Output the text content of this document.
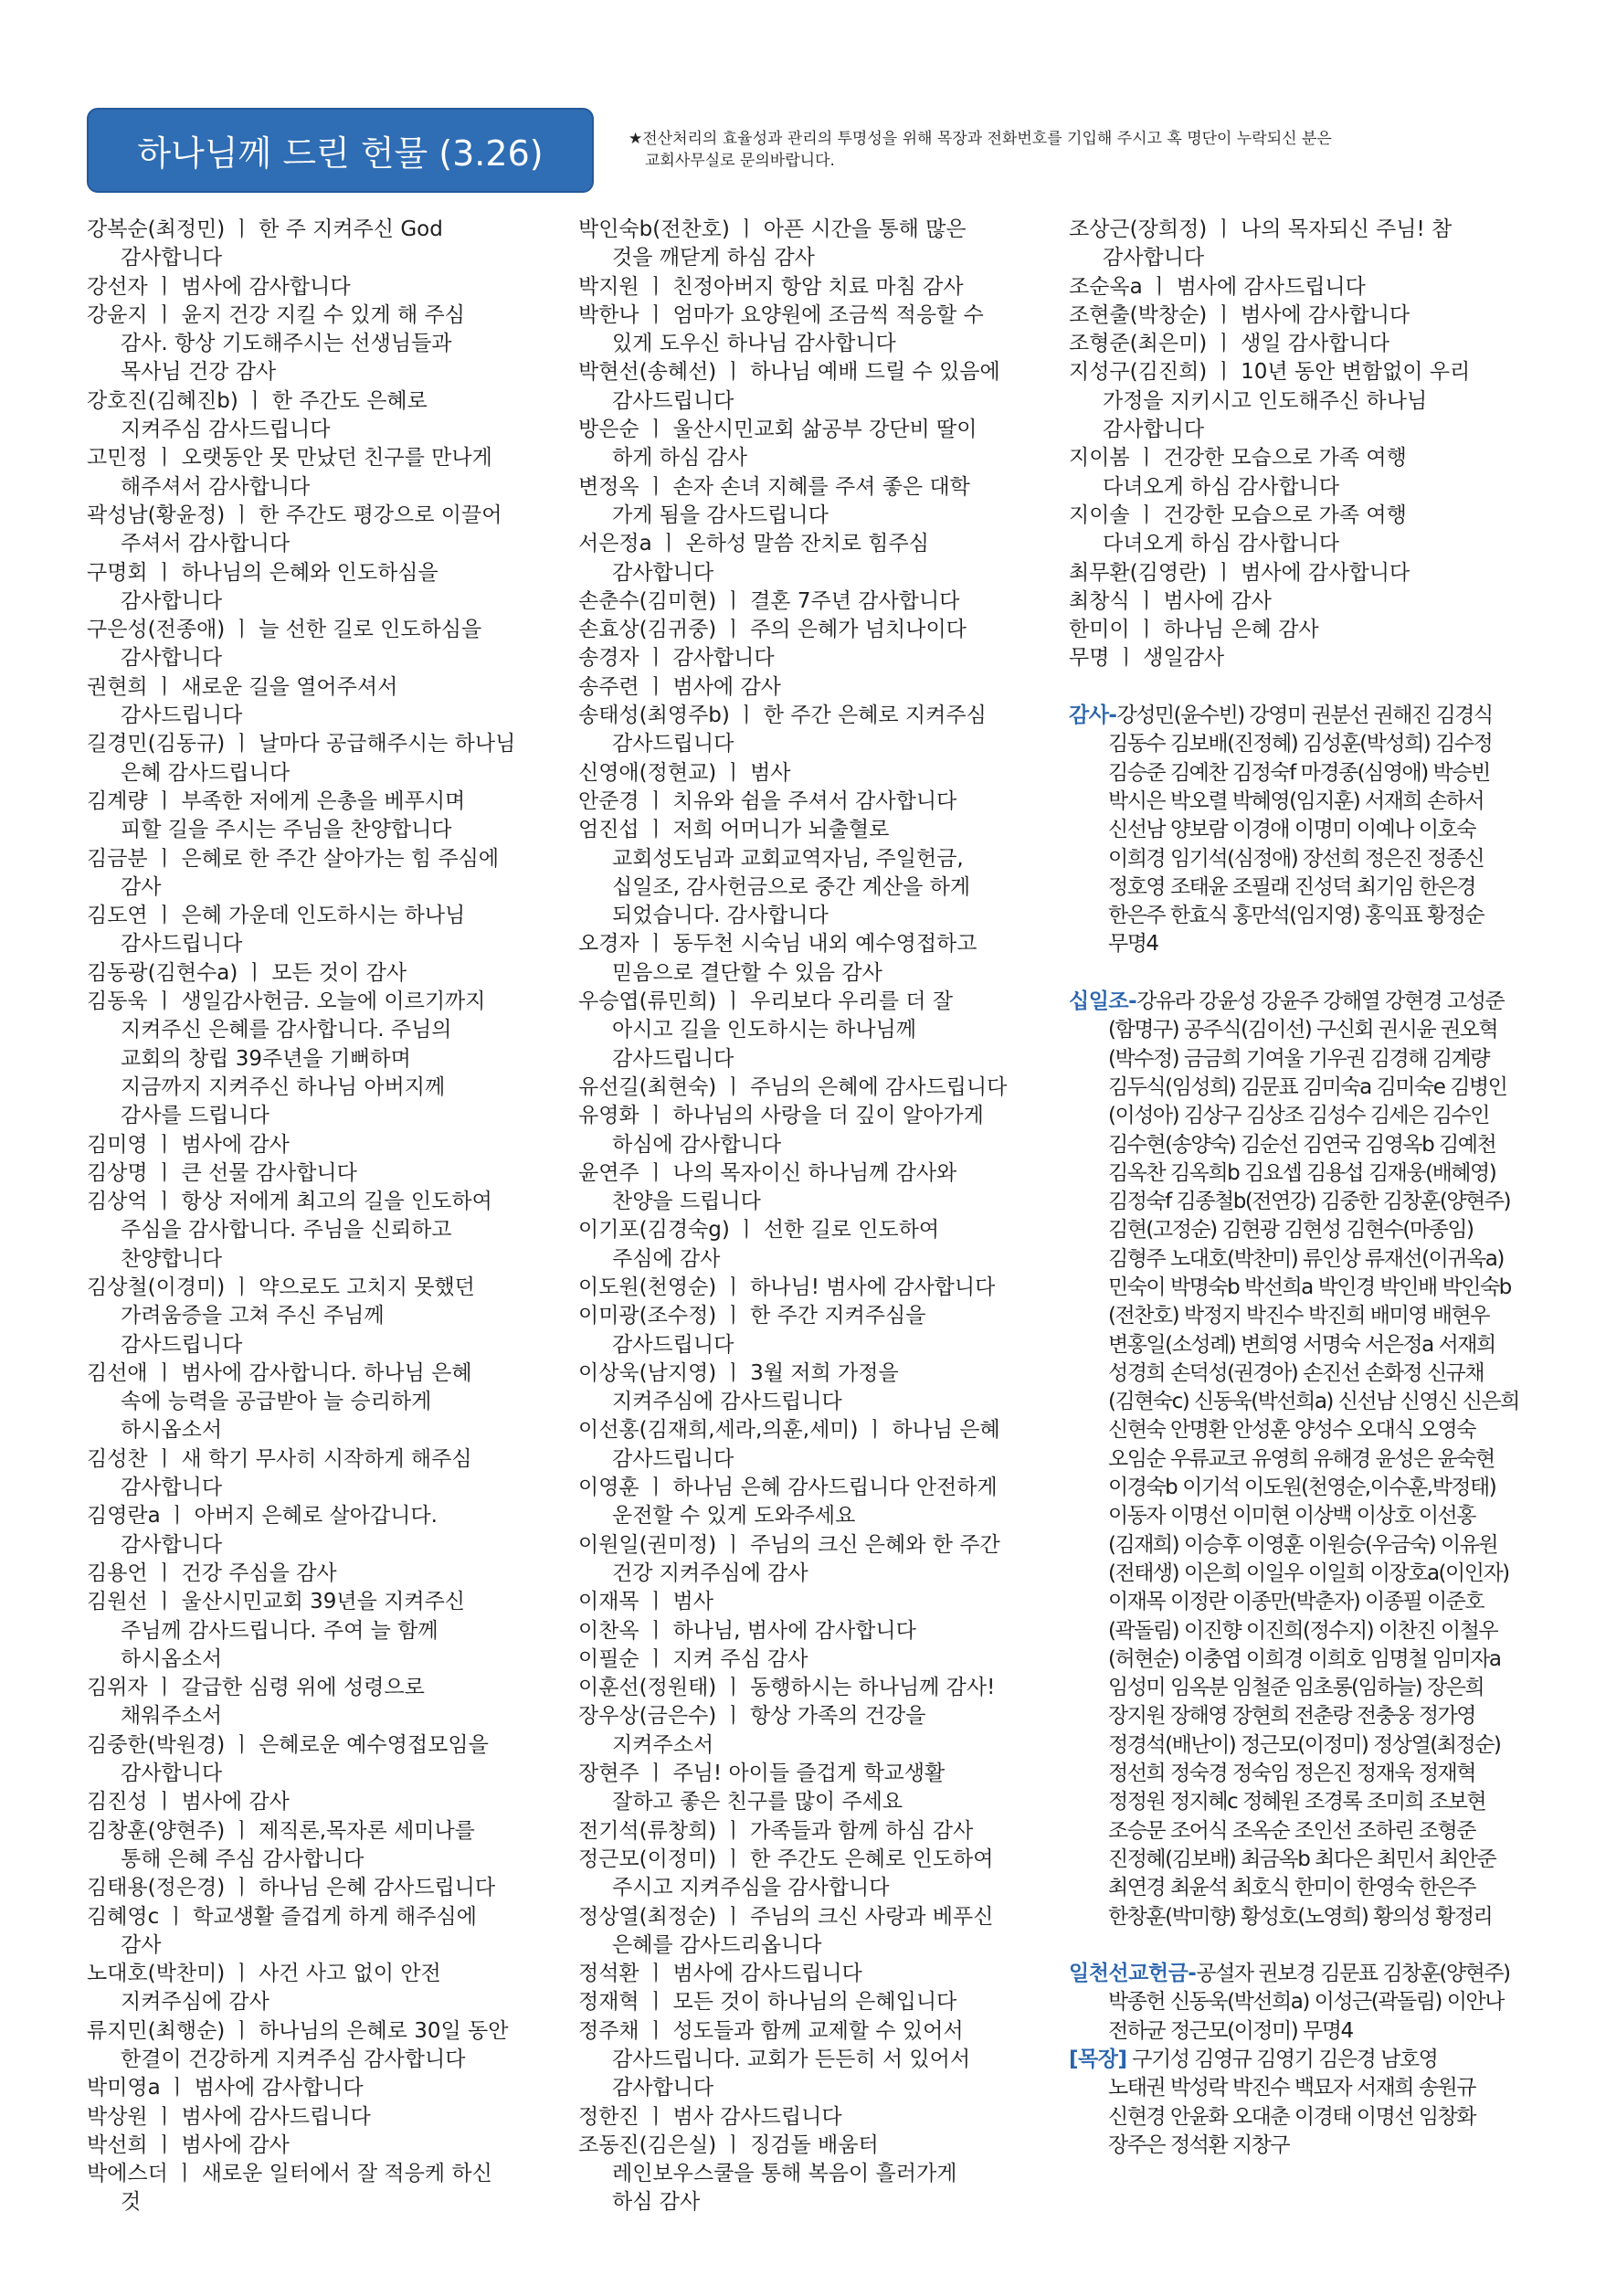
하나님께 드린 헌물 (3.26)	★전산처리의 효율성과 관리의 투명성을 위해 목장과 전화번호를 기입해 주시고 혹 명단이 누락되신 분은
교회사무실로 문의바랍니다.
강복순(최정민) ㅣ 한 주 지켜주신 God
감사합니다
강선자 ㅣ 범사에 감사합니다
강윤지 ㅣ 윤지 건강 지킬 수 있게 해 주심
감사. 항상 기도해주시는 선생님들과
목사님 건강 감사
강호진(김혜진b) ㅣ 한 주간도 은혜로
지켜주심 감사드립니다
고민정 ㅣ 오랫동안 못 만났던 친구를 만나게
해주셔서 감사합니다
곽성남(황윤정) ㅣ 한 주간도 평강으로 이끌어
주셔서 감사합니다
구명회 ㅣ 하나님의 은혜와 인도하심을
감사합니다
구은성(전종애) ㅣ 늘 선한 길로 인도하심을
감사합니다
권현희 ㅣ 새로운 길을 열어주셔서
감사드립니다
길경민(김동규) ㅣ 날마다 공급해주시는 하나님
은혜 감사드립니다
김계량 ㅣ 부족한 저에게 은총을 베푸시며
피할 길을 주시는 주님을 찬양합니다
김금분 ㅣ 은혜로 한 주간 살아가는 힘 주심에
감사
김도연 ㅣ 은혜 가운데 인도하시는 하나님
감사드립니다
김동광(김현수a) ㅣ 모든 것이 감사
김동욱 ㅣ 생일감사헌금. 오늘에 이르기까지
지켜주신 은혜를 감사합니다. 주님의
교회의 창립 39주년을 기뻐하며
지금까지 지켜주신 하나님 아버지께
감사를 드립니다
김미영 ㅣ 범사에 감사
김상명 ㅣ 큰 선물 감사합니다
김상억 ㅣ 항상 저에게 최고의 길을 인도하여
주심을 감사합니다. 주님을 신뢰하고
찬양합니다
김상철(이경미) ㅣ 약으로도 고치지 못했던
가려움증을 고쳐 주신 주님께
감사드립니다
김선애 ㅣ 범사에 감사합니다. 하나님 은혜
속에 능력을 공급받아 늘 승리하게
하시옵소서
김성찬 ㅣ 새 학기 무사히 시작하게 해주심
감사합니다
김영란a ㅣ 아버지 은혜로 살아갑니다.
감사합니다
김용언 ㅣ 건강 주심을 감사
김원선 ㅣ 울산시민교회 39년을 지켜주신
주님께 감사드립니다. 주여 늘 함께
하시옵소서
김위자 ㅣ 갈급한 심령 위에 성령으로
채워주소서
김중한(박원경) ㅣ 은혜로운 예수영접모임을
감사합니다
김진성 ㅣ 범사에 감사
김창훈(양현주) ㅣ 제직론,목자론 세미나를
통해 은혜 주심 감사합니다
김태용(정은경) ㅣ 하나님 은혜 감사드립니다
김혜영c ㅣ 학교생활 즐겁게 하게 해주심에
감사
노대호(박찬미) ㅣ 사건 사고 없이 안전
지켜주심에 감사
류지민(최행순) ㅣ 하나님의 은혜로 30일 동안
한결이 건강하게 지켜주심 감사합니다
박미영a ㅣ 범사에 감사합니다
박상원 ㅣ 범사에 감사드립니다
박선희 ㅣ 범사에 감사
박에스더 ㅣ 새로운 일터에서 잘 적응케 하신
것
박인숙b(전찬호) ㅣ 아픈 시간을 통해 많은
것을 깨닫게 하심 감사
박지원 ㅣ 친정아버지 항암 치료 마침 감사
박한나 ㅣ 엄마가 요양원에 조금씩 적응할 수
있게 도우신 하나님 감사합니다
박현선(송혜선) ㅣ 하나님 예배 드릴 수 있음에
감사드립니다
방은순 ㅣ 울산시민교회 삶공부 강단비 딸이
하게 하심 감사
변정옥 ㅣ 손자 손녀 지혜를 주셔 좋은 대학
가게 됨을 감사드립니다
서은정a ㅣ 온하성 말씀 잔치로 힘주심
감사합니다
손춘수(김미현) ㅣ 결혼 7주년 감사합니다
손효상(김귀중) ㅣ 주의 은혜가 넘치나이다
송경자 ㅣ 감사합니다
송주련 ㅣ 범사에 감사
송태성(최영주b) ㅣ 한 주간 은혜로 지켜주심
감사드립니다
신영애(정현교) ㅣ 범사
안준경 ㅣ 치유와 쉼을 주셔서 감사합니다
엄진섭 ㅣ 저희 어머니가 뇌출혈로
교회성도님과 교회교역자님, 주일헌금,
십일조, 감사헌금으로 중간 계산을 하게
되었습니다. 감사합니다
오경자 ㅣ 동두천 시숙님 내외 예수영접하고
믿음으로 결단할 수 있음 감사
우승엽(류민희) ㅣ 우리보다 우리를 더 잘
아시고 길을 인도하시는 하나님께
감사드립니다
유선길(최현숙) ㅣ 주님의 은혜에 감사드립니다
유영화 ㅣ 하나님의 사랑을 더 깊이 알아가게
하심에 감사합니다
윤연주 ㅣ 나의 목자이신 하나님께 감사와
찬양을 드립니다
이기포(김경숙g) ㅣ 선한 길로 인도하여
주심에 감사
이도원(천영순) ㅣ 하나님! 범사에 감사합니다
이미광(조수정) ㅣ 한 주간 지켜주심을
감사드립니다
이상욱(남지영) ㅣ 3월 저희 가정을
지켜주심에 감사드립니다
이선홍(김재희,세라,의훈,세미) ㅣ 하나님 은혜
감사드립니다
이영훈 ㅣ 하나님 은혜 감사드립니다 안전하게
운전할 수 있게 도와주세요
이원일(권미정) ㅣ 주님의 크신 은혜와 한 주간
건강 지켜주심에 감사
이재목 ㅣ 범사
이찬옥 ㅣ 하나님, 범사에 감사합니다
이필순 ㅣ 지켜 주심 감사
이훈선(정원태) ㅣ 동행하시는 하나님께 감사!
장우상(금은수) ㅣ 항상 가족의 건강을
지켜주소서
장현주 ㅣ 주님! 아이들 즐겁게 학교생활
잘하고 좋은 친구를 많이 주세요
전기석(류창희) ㅣ 가족들과 함께 하심 감사
정근모(이정미) ㅣ 한 주간도 은혜로 인도하여
주시고 지켜주심을 감사합니다
정상열(최정순) ㅣ 주님의 크신 사랑과 베푸신
은혜를 감사드리옵니다
정석환 ㅣ 범사에 감사드립니다
정재혁 ㅣ 모든 것이 하나님의 은혜입니다
정주채 ㅣ 성도들과 함께 교제할 수 있어서
감사드립니다. 교회가 든든히 서 있어서
감사합니다
정한진 ㅣ 범사 감사드립니다
조동진(김은실) ㅣ 징검돌 배움터
레인보우스쿨을 통해 복음이 흘러가게
하심 감사
조상근(장희정) ㅣ 나의 목자되신 주님! 참
감사합니다
조순옥a ㅣ 범사에 감사드립니다
조현출(박창순) ㅣ 범사에 감사합니다
조형준(최은미) ㅣ 생일 감사합니다
지성구(김진희) ㅣ 10년 동안 변함없이 우리
가정을 지키시고 인도해주신 하나님
감사합니다
지이봄 ㅣ 건강한 모습으로 가족 여행
다녀오게 하심 감사합니다
지이솔 ㅣ 건강한 모습으로 가족 여행
다녀오게 하심 감사합니다
최무환(김영란) ㅣ 범사에 감사합니다
최창식 ㅣ 범사에 감사
한미이 ㅣ 하나님 은혜 감사
무명 ㅣ 생일감사
감사-강성민(윤수빈) 강영미 권분선 권해진 김경식
김동수 김보배(진정혜) 김성훈(박성희) 김수정
김승준 김예찬 김정숙f 마경종(심영애) 박승빈
박시은 박오렬 박혜영(임지훈) 서재희 손하서
신선남 양보람 이경애 이명미 이예나 이호숙
이희경 임기석(심정애) 장선희 정은진 정종신
정호영 조태윤 조필래 진성덕 최기임 한은경
한은주 한효식 홍만석(임지영) 홍익표 황정순
무명4
십일조-강유라 강윤성 강윤주 강해열 강현경 고성준
(함명구) 공주식(김이선) 구신회 권시윤 권오혁
(박수정) 금금희 기여울 기우권 김경해 김계량
김두식(임성희) 김문표 김미숙a 김미숙e 김병인
(이성아) 김상구 김상조 김성수 김세은 김수인
김수현(송양숙) 김순선 김연국 김영옥b 김예천
김옥찬 김옥희b 김요셉 김용섭 김재웅(배혜영)
김정숙f 김종철b(전연강) 김중한 김창훈(양현주)
김현(고정순) 김현광 김현성 김현수(마종임)
김형주 노대호(박찬미) 류인상 류재선(이귀옥a)
민숙이 박명숙b 박선희a 박인경 박인배 박인숙b
(전찬호) 박정지 박진수 박진희 배미영 배현우
변홍일(소성례) 변희영 서명숙 서은정a 서재희
성경희 손덕성(권경아) 손진선 손화정 신규채
(김현숙c) 신동욱(박선희a) 신선남 신영신 신은희
신현숙 안명환 안성훈 양성수 오대식 오영숙
오임순 우류교코 유영희 유해경 윤성은 윤숙현
이경숙b 이기석 이도원(천영순,이수훈,박정태)
이동자 이명선 이미현 이상백 이상호 이선홍
(김재희) 이승후 이영훈 이원승(우금숙) 이유원
(전태생) 이은희 이일우 이일희 이장호a(이인자)
이재목 이정란 이종만(박춘자) 이종필 이준호
(곽돌림) 이진향 이진희(정수지) 이찬진 이철우
(허현순) 이충엽 이희경 이희호 임명철 임미자a
임성미 임옥분 임철준 임초롱(임하늘) 장은희
장지원 장해영 장현희 전춘랑 전충웅 정가영
정경석(배난이) 정근모(이정미) 정상열(최정순)
정선희 정숙경 정숙임 정은진 정재욱 정재혁
정정원 정지혜c 정혜원 조경록 조미희 조보현
조승문 조어식 조옥순 조인선 조하린 조형준
진정혜(김보배) 최금옥b 최다은 최민서 최안준
최연경 최윤석 최호식 한미이 한영숙 한은주
한창훈(박미향) 황성호(노영희) 황의성 황정리
일천선교헌금-공설자 권보경 김문표 김창훈(양현주)
박종헌 신동욱(박선희a) 이성근(곽돌림) 이안나
전하균 정근모(이정미) 무명4
[목장] 구기성 김영규 김영기 김은경 남호영
노태권 박성락 박진수 백묘자 서재희 송원규
신현경 안윤화 오대춘 이경태 이명선 임창화
장주은 정석환 지창구
